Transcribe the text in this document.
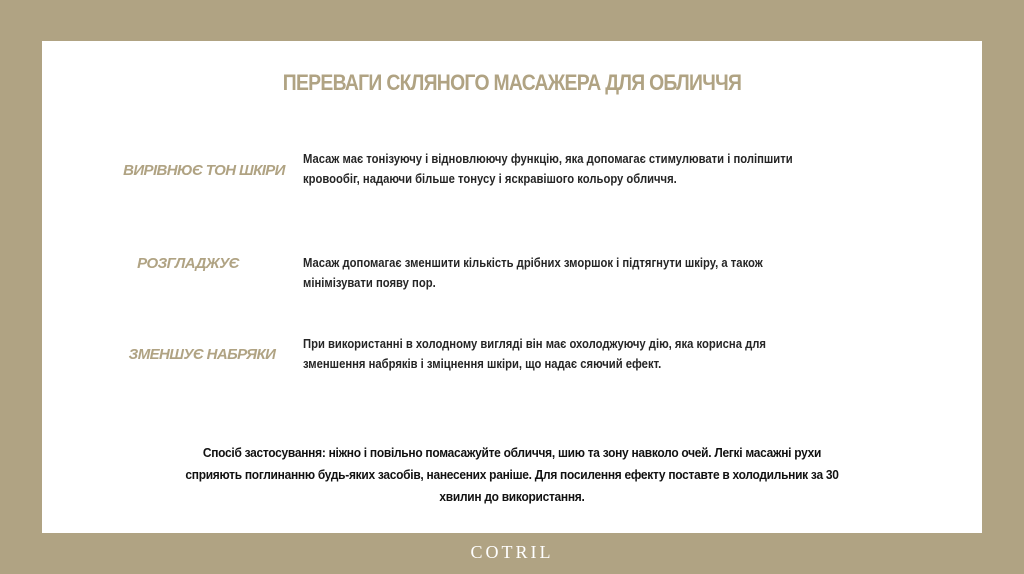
ПЕРЕВАГИ СКЛЯНОГО МАСАЖЕРА ДЛЯ ОБЛИЧЧЯ
ВИРІВНЮЄ ТОН ШКІРИ
Масаж має тонізуючу і відновлюючу функцію, яка допомагає стимулювати і поліпшити кровообіг, надаючи більше тонусу і яскравішого кольору обличчя.
РОЗГЛАДЖУЄ	Масаж допомагає зменшити кількість дрібних зморшок і підтягнути шкіру, а також мінімізувати появу пор.
ЗМЕНШУЄ НАБРЯКИ
При використанні в холодному вигляді він має охолоджуючу дію, яка корисна для зменшення набряків і зміцнення шкіри, що надає сяючий ефект.
Спосіб застосування: ніжно і повільно помасажуйте обличчя, шию та зону навколо очей. Легкі масажні рухи сприяють поглинанню будь-яких засобів, нанесених раніше. Для посилення ефекту поставте в холодильник за 30 хвилин до використання.
COTRIL
